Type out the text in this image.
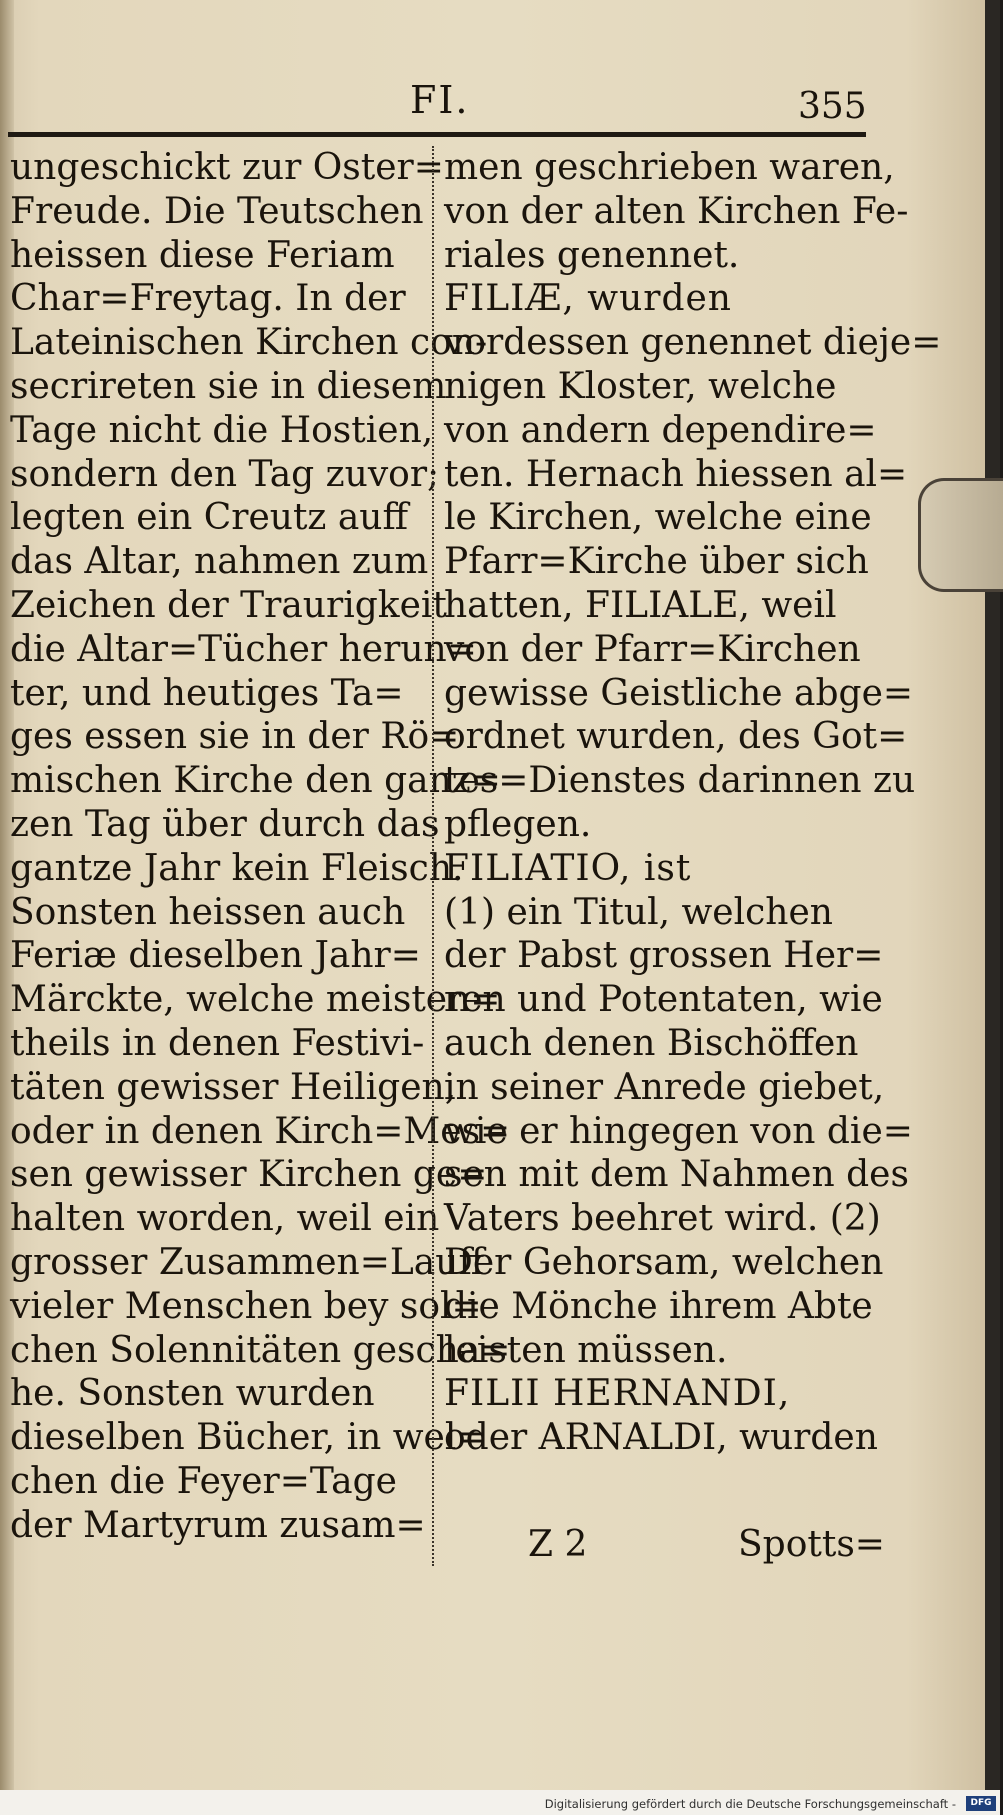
FI.	355
ungeschickt zur Oster=
Freude. Die Teutschen
heissen diese Feriam
Char=Freytag. In der
Lateinischen Kirchen con-
secrireten sie in diesem
Tage nicht die Hostien,
sondern den Tag zuvor;
legten ein Creutz auff
das Altar, nahmen zum
Zeichen der Traurigkeit
die Altar=Tücher herun=
ter, und heutiges Ta=
ges essen sie in der Rö=
mischen Kirche den ganz=
zen Tag über durch das
gantze Jahr kein Fleisch.
Sonsten heissen auch
Feriæ dieselben Jahr=
Märckte, welche meisten=
theils in denen Festivi-
täten gewisser Heiligen,
oder in denen Kirch=Mes=
sen gewisser Kirchen ge=
halten worden, weil ein
grosser Zusammen=Lauff
vieler Menschen bey sol=
chen Solennitäten gescha=
he. Sonsten wurden
dieselben Bücher, in wel=
chen die Feyer=Tage
der Martyrum zusam=
men geschrieben waren,
von der alten Kirchen Fe-
riales genennet.
FILIÆ, wurden
vordessen genennet dieje=
nigen Kloster, welche
von andern dependire=
ten. Hernach hiessen al=
le Kirchen, welche eine
Pfarr=Kirche über sich
hatten, FILIALE, weil
von der Pfarr=Kirchen
gewisse Geistliche abge=
ordnet wurden, des Got=
tes=Dienstes darinnen zu
pflegen.
FILIATIO, ist
(1) ein Titul, welchen
der Pabst grossen Her=
ren und Potentaten, wie
auch denen Bischöffen
in seiner Anrede giebet,
wie er hingegen von die=
sen mit dem Nahmen des
Vaters beehret wird. (2)
Der Gehorsam, welchen
die Mönche ihrem Abte
leisten müssen.
FILII HERNANDI,
oder ARNALDI, wurden
Z 2	Spotts=
Digitalisierung gefördert durch die Deutsche Forschungsgemeinschaft -	DFG
